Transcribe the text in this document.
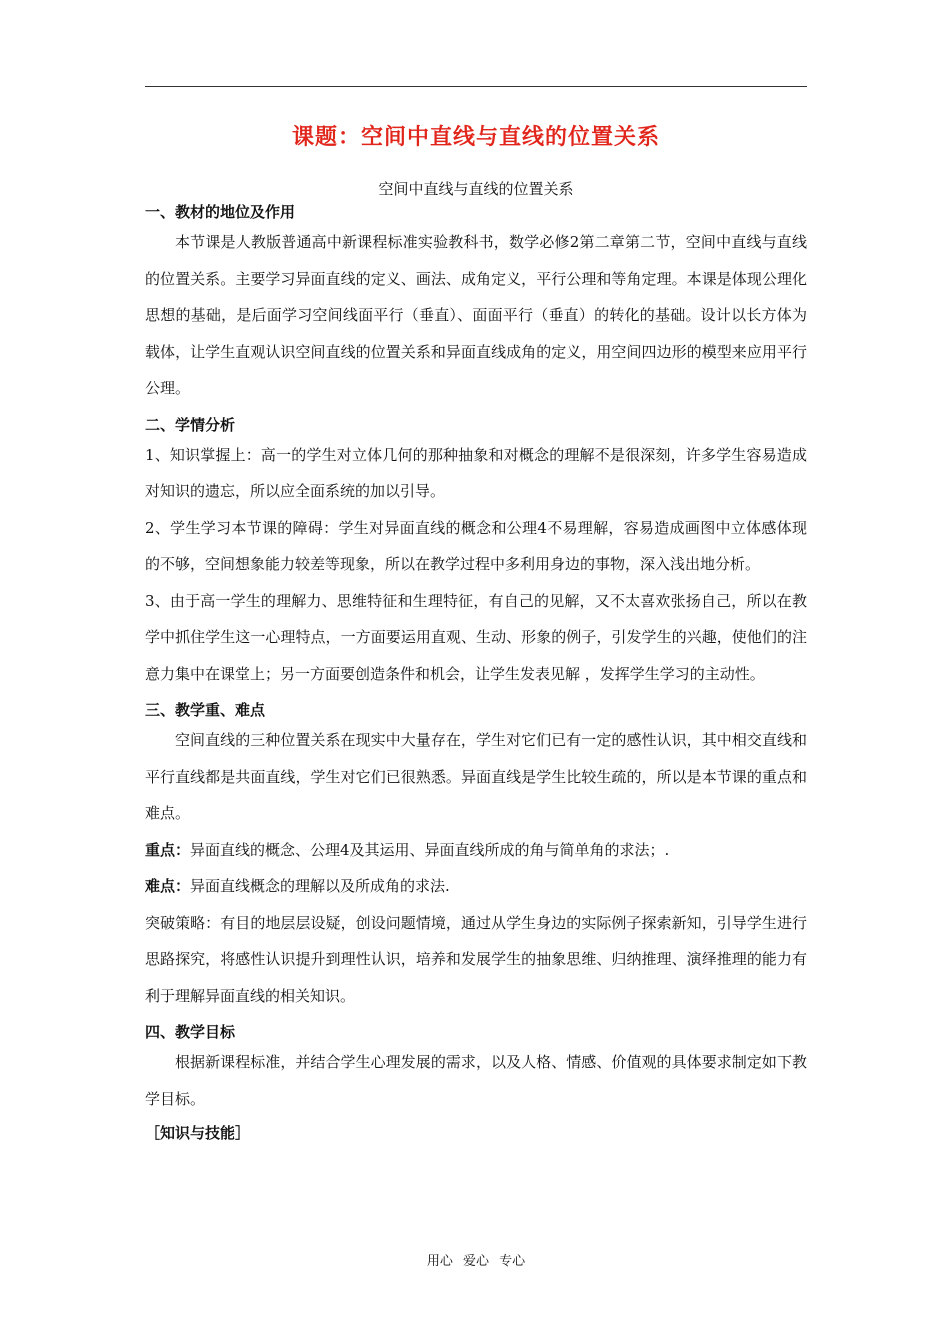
课题：空间中直线与直线的位置关系
空间中直线与直线的位置关系

一、教材的地位及作用

本节课是人教版普通高中新课程标准实验教科书，数学必修2第二章第二节，空间中直线与直线的位置关系。主要学习异面直线的定义、画法、成角定义，平行公理和等角定理。本课是体现公理化思想的基础，是后面学习空间线面平行（垂直）、面面平行（垂直）的转化的基础。设计以长方体为载体，让学生直观认识空间直线的位置关系和异面直线成角的定义，用空间四边形的模型来应用平行公理。

二、学情分析

1、知识掌握上：高一的学生对立体几何的那种抽象和对概念的理解不是很深刻，许多学生容易造成对知识的遗忘，所以应全面系统的加以引导。

2、学生学习本节课的障碍：学生对异面直线的概念和公理4不易理解，容易造成画图中立体感体现的不够，空间想象能力较差等现象，所以在教学过程中多利用身边的事物，深入浅出地分析。

3、由于高一学生的理解力、思维特征和生理特征，有自己的见解，又不太喜欢张扬自己，所以在教学中抓住学生这一心理特点，一方面要运用直观、生动、形象的例子，引发学生的兴趣，使他们的注意力集中在课堂上；另一方面要创造条件和机会，让学生发表见解 ，发挥学生学习的主动性。

三、教学重、难点

空间直线的三种位置关系在现实中大量存在，学生对它们已有一定的感性认识，其中相交直线和平行直线都是共面直线，学生对它们已很熟悉。异面直线是学生比较生疏的，所以是本节课的重点和难点。

重点：异面直线的概念、公理4及其运用、异面直线所成的角与简单角的求法；.

难点：异面直线概念的理解以及所成角的求法.

突破策略：有目的地层层设疑，创设问题情境，通过从学生身边的实际例子探索新知，引导学生进行思路探究，将感性认识提升到理性认识，培养和发展学生的抽象思维、归纳推理、演绎推理的能力有利于理解异面直线的相关知识。

四、教学目标

根据新课程标准，并结合学生心理发展的需求，以及人格、情感、价值观的具体要求制定如下教学目标。

［知识与技能］

用心 爱心 专心
